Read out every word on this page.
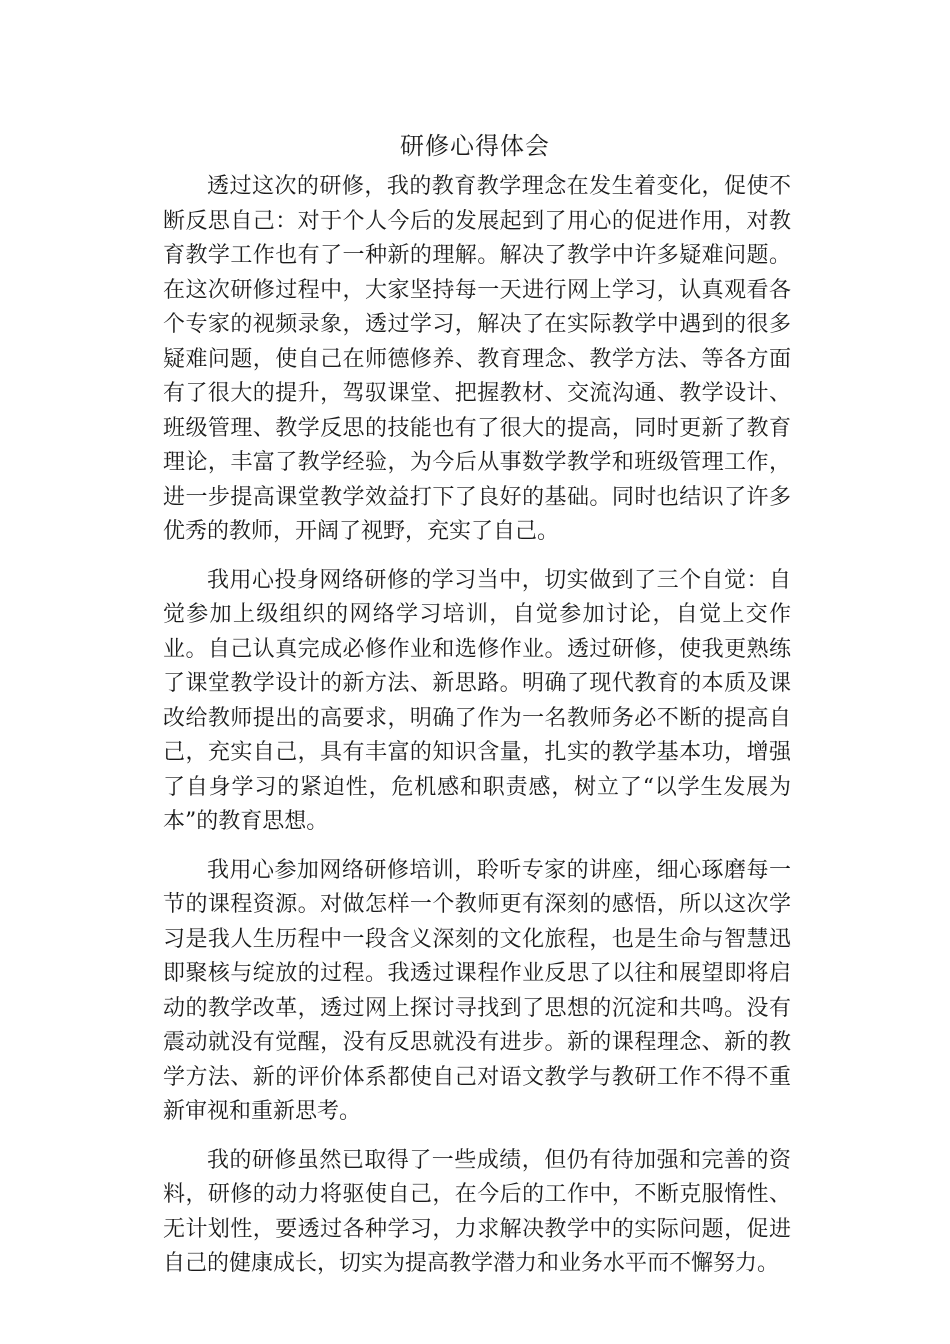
研修心得体会

透过这次的研修，我的教育教学理念在发生着变化，促使不断反思自己：对于个人今后的发展起到了用心的促进作用，对教育教学工作也有了一种新的理解。解决了教学中许多疑难问题。在这次研修过程中，大家坚持每一天进行网上学习，认真观看各个专家的视频录象，透过学习，解决了在实际教学中遇到的很多疑难问题，使自己在师德修养、教育理念、教学方法、等各方面有了很大的提升，驾驭课堂、把握教材、交流沟通、教学设计、班级管理、教学反思的技能也有了很大的提高，同时更新了教育理论，丰富了教学经验，为今后从事数学教学和班级管理工作，进一步提高课堂教学效益打下了良好的基础。同时也结识了许多优秀的教师，开阔了视野，充实了自己。

我用心投身网络研修的学习当中，切实做到了三个自觉：自觉参加上级组织的网络学习培训，自觉参加讨论，自觉上交作业。自己认真完成必修作业和选修作业。透过研修，使我更熟练了课堂教学设计的新方法、新思路。明确了现代教育的本质及课改给教师提出的高要求，明确了作为一名教师务必不断的提高自己，充实自己，具有丰富的知识含量，扎实的教学基本功，增强了自身学习的紧迫性，危机感和职责感，树立了“以学生发展为本”的教育思想。

我用心参加网络研修培训，聆听专家的讲座，细心琢磨每一节的课程资源。对做怎样一个教师更有深刻的感悟，所以这次学习是我人生历程中一段含义深刻的文化旅程，也是生命与智慧迅即聚核与绽放的过程。我透过课程作业反思了以往和展望即将启动的教学改革，透过网上探讨寻找到了思想的沉淀和共鸣。没有震动就没有觉醒，没有反思就没有进步。新的课程理念、新的教学方法、新的评价体系都使自己对语文教学与教研工作不得不重新审视和重新思考。

我的研修虽然已取得了一些成绩，但仍有待加强和完善的资料，研修的动力将驱使自己，在今后的工作中，不断克服惰性、无计划性，要透过各种学习，力求解决教学中的实际问题，促进自己的健康成长，切实为提高教学潜力和业务水平而不懈努力。
